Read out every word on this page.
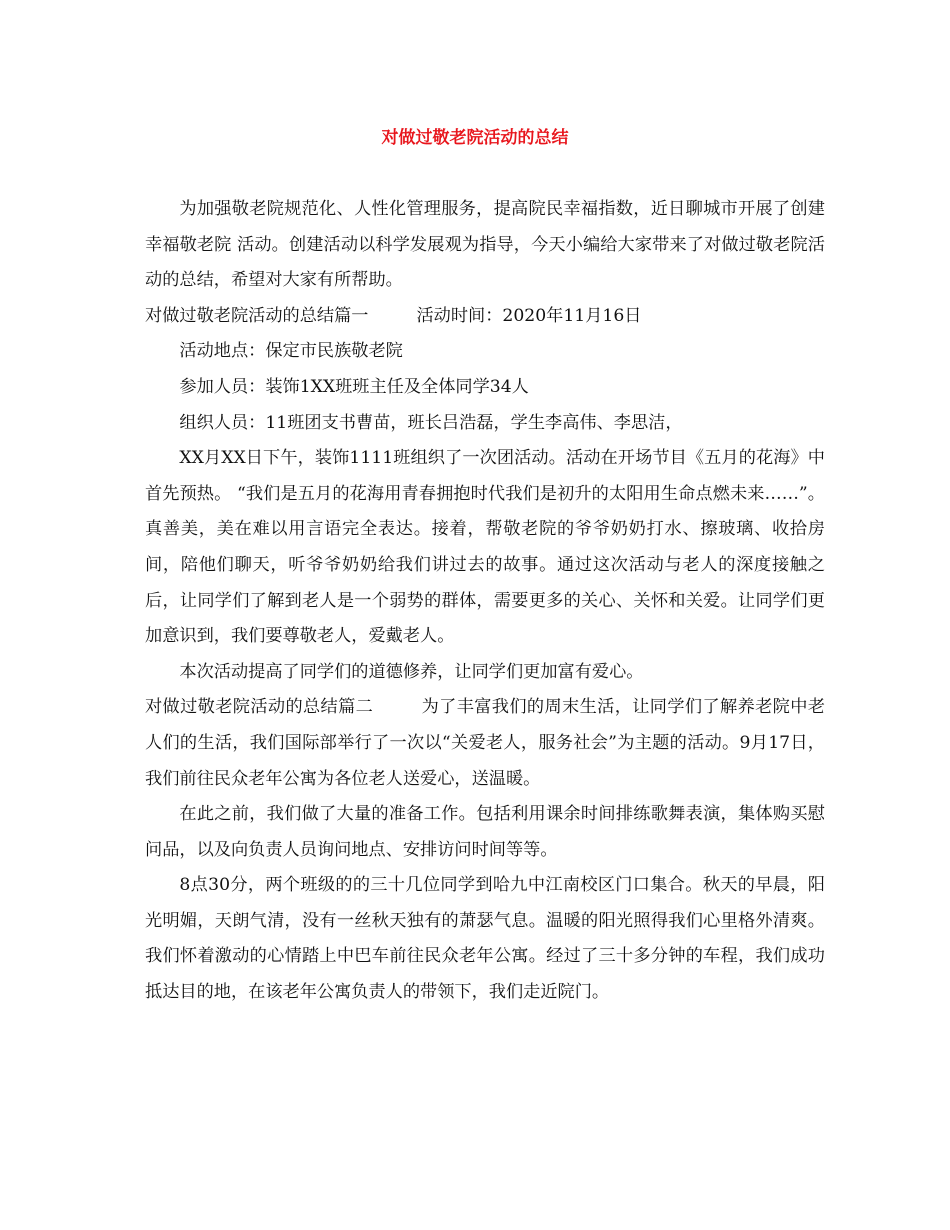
对做过敬老院活动的总结

为加强敬老院规范化、人性化管理服务，提高院民幸福指数，近日聊城市开展了创建 幸福敬老院 活动。创建活动以科学发展观为指导，今天小编给大家带来了对做过敬老院活动的总结，希望对大家有所帮助。

对做过敬老院活动的总结篇一	活动时间：2020年11月16日

活动地点：保定市民族敬老院

参加人员：装饰1XX班班主任及全体同学34人

组织人员：11班团支书曹苗，班长吕浩磊，学生李高伟、李思洁，

XX月XX日下午，装饰1111班组织了一次团活动。活动在开场节目《五月的花海》中首先预热。 “我们是五月的花海用青春拥抱时代我们是初升的太阳用生命点燃未来……”。真善美，美在难以用言语完全表达。接着，帮敬老院的爷爷奶奶打水、擦玻璃、收拾房间，陪他们聊天，听爷爷奶奶给我们讲过去的故事。通过这次活动与老人的深度接触之后，让同学们了解到老人是一个弱势的群体，需要更多的关心、关怀和关爱。让同学们更加意识到，我们要尊敬老人，爱戴老人。

本次活动提高了同学们的道德修养，让同学们更加富有爱心。

对做过敬老院活动的总结篇二	为了丰富我们的周末生活，让同学们了解养老院中老人们的生活，我们国际部举行了一次以“关爱老人，服务社会”为主题的活动。9月17日，我们前往民众老年公寓为各位老人送爱心，送温暖。

在此之前，我们做了大量的准备工作。包括利用课余时间排练歌舞表演，集体购买慰问品，以及向负责人员询问地点、安排访问时间等等。

8点30分，两个班级的的三十几位同学到哈九中江南校区门口集合。秋天的早晨，阳光明媚，天朗气清，没有一丝秋天独有的萧瑟气息。温暖的阳光照得我们心里格外清爽。我们怀着激动的心情踏上中巴车前往民众老年公寓。经过了三十多分钟的车程，我们成功抵达目的地，在该老年公寓负责人的带领下，我们走近院门。
